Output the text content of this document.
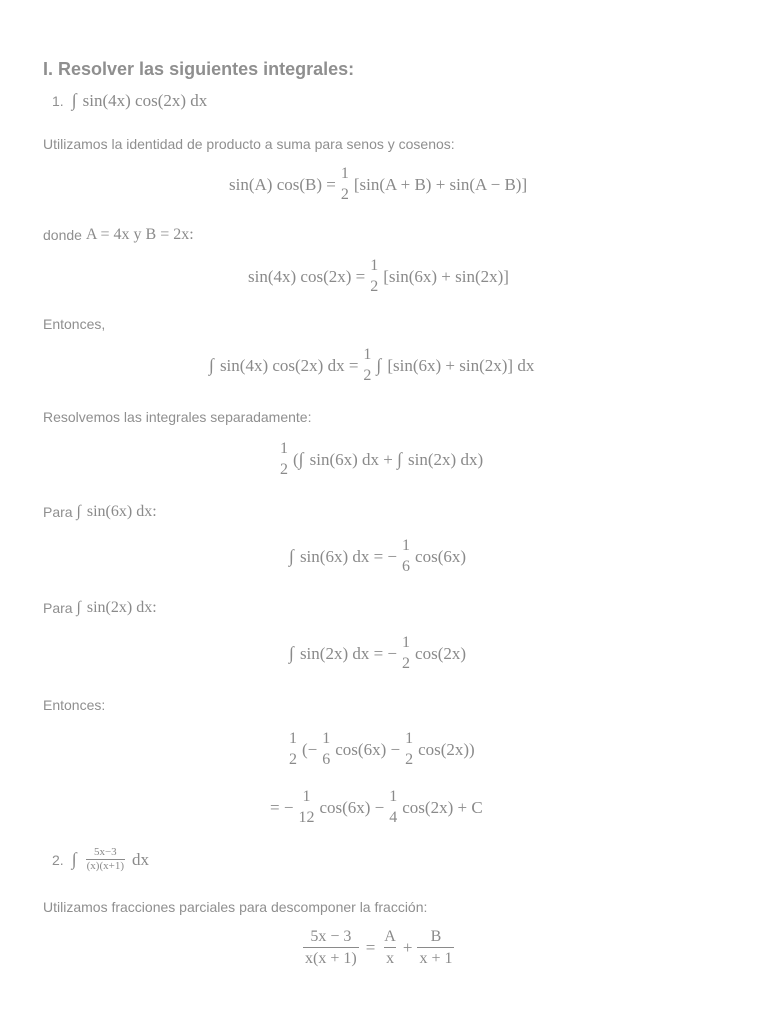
I. Resolver las siguientes integrales:
1. ∫ sin(4x) cos(2x) dx
Utilizamos la identidad de producto a suma para senos y cosenos:
sin(A) cos(B) =
1
2
[sin(A + B) + sin(A − B)]
donde
A = 4x y B = 2x:
sin(4x) cos(2x) =
1
2
[sin(6x) + sin(2x)]
Entonces,
∫ sin(4x) cos(2x) dx =
1
2
∫ [sin(6x) + sin(2x)] dx
Resolvemos las integrales separadamente:
1
2
( ∫ sin(6x) dx +
∫ sin(2x) dx)
Para
∫ sin(6x) dx:
∫ sin(6x) dx = −
1
6
cos(6x)
Para
∫ sin(2x) dx:
∫ sin(2x) dx = −
1
2
cos(2x)
Entonces:
1
2
(−
1
6
cos(6x) −
1
2
cos(2x))
= −
1
12
cos(6x) −
1
4
cos(2x) + C
2. ∫ $\frac{5x-3}{(x)(x+1)}$ dx
Utilizamos fracciones parciales para descomponer la fracción:
$\frac{5x - 3}{x(x + 1)} = \frac{A}{x} + \frac{B}{x + 1}$
